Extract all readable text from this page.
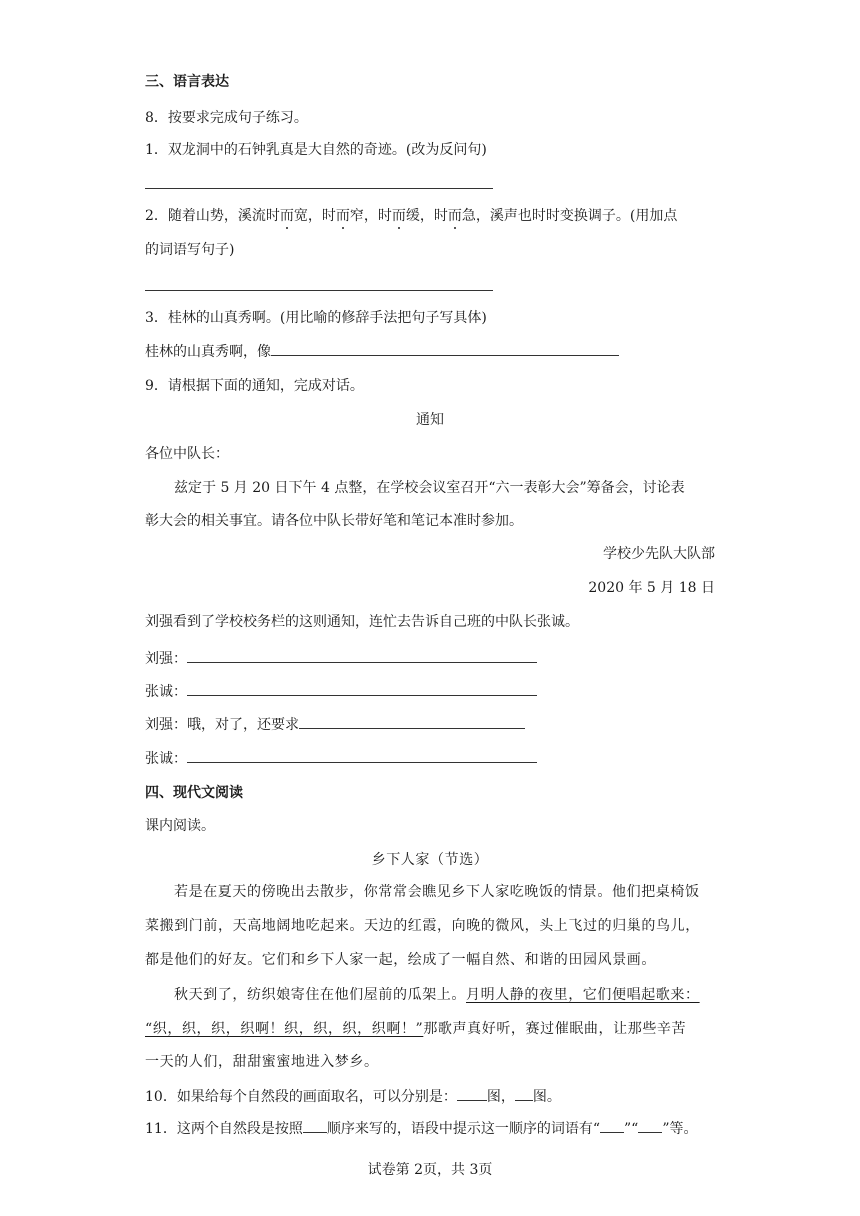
三、语言表达
8．按要求完成句子练习。
1．双龙洞中的石钟乳真是大自然的奇迹。(改为反问句)
2．随着山势，溪流时而宽，时而窄，时而缓，时而急，溪声也时时变换调子。(用加点
的词语写句子)
3．桂林的山真秀啊。(用比喻的修辞手法把句子写具体)
桂林的山真秀啊，像
9．请根据下面的通知，完成对话。
通知
各位中队长：
兹定于 5 月 20 日下午 4 点整，在学校会议室召开“六一表彰大会”筹备会，讨论表
彰大会的相关事宜。请各位中队长带好笔和笔记本准时参加。
学校少先队大队部
2020 年 5 月 18 日
刘强看到了学校校务栏的这则通知，连忙去告诉自己班的中队长张诚。
刘强：
张诚：
刘强：哦，对了，还要求
张诚：
四、现代文阅读
课内阅读。
乡下人家（节选）
若是在夏天的傍晚出去散步，你常常会瞧见乡下人家吃晚饭的情景。他们把桌椅饭
菜搬到门前，天高地阔地吃起来。天边的红霞，向晚的微风，头上飞过的归巢的鸟儿，
都是他们的好友。它们和乡下人家一起，绘成了一幅自然、和谐的田园风景画。
秋天到了，纺织娘寄住在他们屋前的瓜架上。月明人静的夜里，它们便唱起歌来：
“织，织，织，织啊！织，织，织，织啊！”那歌声真好听，赛过催眠曲，让那些辛苦
一天的人们，甜甜蜜蜜地进入梦乡。
10．如果给每个自然段的画面取名，可以分别是： 图， 图。
11．这两个自然段是按照 顺序来写的，语段中提示这一顺序的词语有“ ”“ ”等。
试卷第 2页，共 3页
